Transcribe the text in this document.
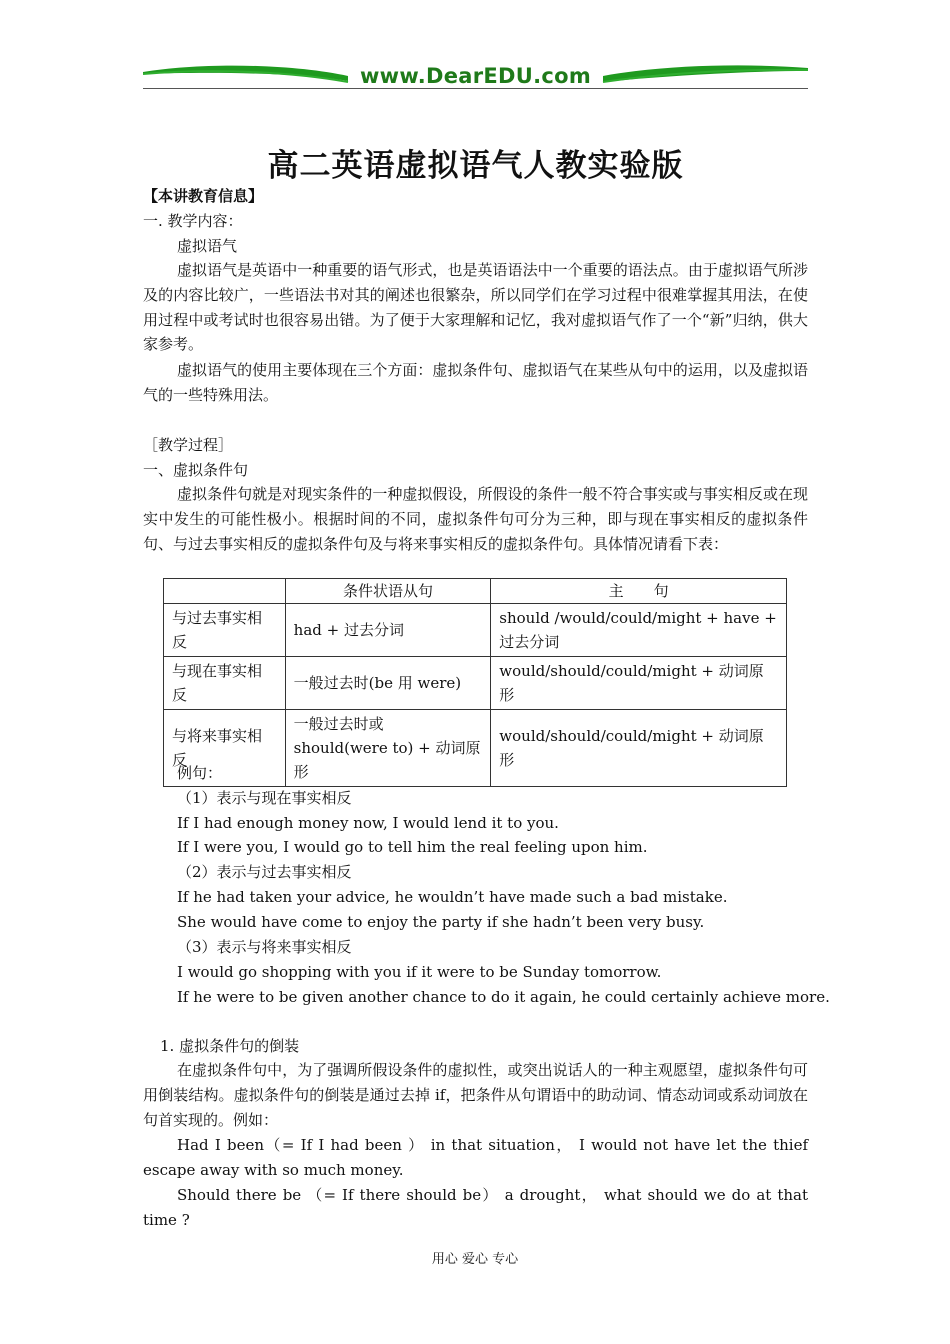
www.DearEDU.com
高二英语虚拟语气人教实验版
【本讲教育信息】
一. 教学内容：
虚拟语气
虚拟语气是英语中一种重要的语气形式，也是英语语法中一个重要的语法点。由于虚拟语气所涉及的内容比较广，一些语法书对其的阐述也很繁杂，所以同学们在学习过程中很难掌握其用法，在使用过程中或考试时也很容易出错。为了便于大家理解和记忆，我对虚拟语气作了一个“新”归纳，供大家参考。
虚拟语气的使用主要体现在三个方面：虚拟条件句、虚拟语气在某些从句中的运用，以及虚拟语气的一些特殊用法。
［教学过程］
一、虚拟条件句
虚拟条件句就是对现实条件的一种虚拟假设，所假设的条件一般不符合事实或与事实相反或在现实中发生的可能性极小。根据时间的不同，虚拟条件句可分为三种，即与现在事实相反的虚拟条件句、与过去事实相反的虚拟条件句及与将来事实相反的虚拟条件句。具体情况请看下表：
	条件状语从句	主　　句
与过去事实相反	had + 过去分词	should /would/could/might + have + 过去分词
与现在事实相反	一般过去时(be 用 were)	would/should/could/might + 动词原形
与将来事实相反	一般过去时或 should(were to) + 动词原形	would/should/could/might + 动词原形
例句：
（1）表示与现在事实相反
If I had enough money now, I would lend it to you.
If I were you, I would go to tell him the real feeling upon him.
（2）表示与过去事实相反
If he had taken your advice, he wouldn’t have made such a bad mistake.
She would have come to enjoy the party if she hadn’t been very busy.
（3）表示与将来事实相反
I would go shopping with you if it were to be Sunday tomorrow.
If he were to be given another chance to do it again, he could certainly achieve more.
1. 虚拟条件句的倒装
在虚拟条件句中，为了强调所假设条件的虚拟性，或突出说话人的一种主观愿望，虚拟条件句可用倒装结构。虚拟条件句的倒装是通过去掉 if，把条件从句谓语中的助动词、情态动词或系动词放在句首实现的。例如：
Had I been（= If I had been ） in that situation， I would not have let the thief escape away with so much money.
Should there be （= If there should be） a drought， what should we do at that time ?
用心 爱心 专心
